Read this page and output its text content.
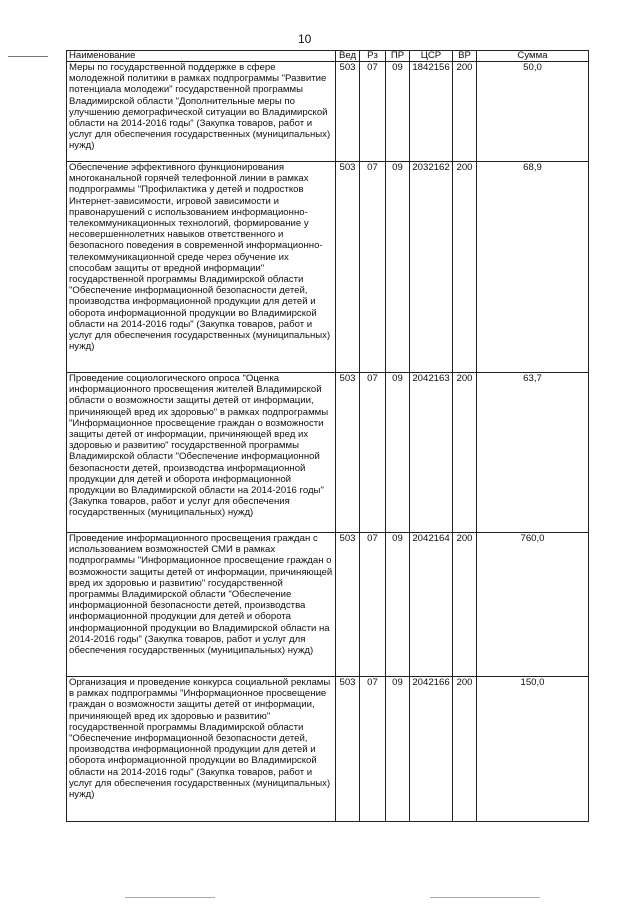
10
Наименование	Вед	Рз	ПР	ЦСР	ВР	Сумма
Меры по государственной поддержке в сфере молодежной политики в рамках подпрограммы "Развитие потенциала молодежи" государственной программы Владимирской области "Дополнительные меры по улучшению демографической ситуации во Владимирской области на 2014-2016 годы" (Закупка товаров, работ и услуг для обеспечения государственных (муниципальных) нужд)	503	07	09	1842156	200	50,0
Обеспечение эффективного функционирования многоканальной горячей телефонной линии в рамках подпрограммы "Профилактика у детей и подростков Интернет-зависимости, игровой зависимости и правонарушений с использованием информационно-телекоммуникационных технологий, формирование у несовершеннолетних навыков ответственного и безопасного поведения в современной информационно-телекоммуникационной среде через обучение их способам защиты от вредной информации" государственной программы Владимирской области "Обеспечение информационной безопасности детей, производства информационной продукции для детей и оборота информационной продукции во Владимирской области на 2014-2016 годы" (Закупка товаров, работ и услуг для обеспечения государственных (муниципальных) нужд)	503	07	09	2032162	200	68,9
Проведение социологического опроса "Оценка информационного просвещения жителей Владимирской области о возможности защиты детей от информации, причиняющей вред их здоровью" в рамках подпрограммы "Информационное просвещение граждан о возможности защиты детей от информации, причиняющей вред их здоровью и развитию" государственной программы Владимирской области "Обеспечение информационной безопасности детей, производства информационной продукции для детей и оборота информационной продукции во Владимирской области на 2014-2016 годы" (Закупка товаров, работ и услуг для обеспечения государственных (муниципальных) нужд)	503	07	09	2042163	200	63,7
Проведение информационного просвещения граждан с использованием возможностей СМИ в рамках подпрограммы "Информационное просвещение граждан о возможности защиты детей от информации, причиняющей вред их здоровью и развитию" государственной программы Владимирской области "Обеспечение информационной безопасности детей, производства информационной продукции для детей и оборота информационной продукции во Владимирской области на 2014-2016 годы" (Закупка товаров, работ и услуг для обеспечения государственных (муниципальных) нужд)	503	07	09	2042164	200	760,0
Организация и проведение конкурса социальной рекламы в рамках подпрограммы "Информационное просвещение граждан о возможности защиты детей от информации, причиняющей вред их здоровью и развитию" государственной программы Владимирской области "Обеспечение информационной безопасности детей, производства информационной продукции для детей и оборота информационной продукции во Владимирской области на 2014-2016 годы" (Закупка товаров, работ и услуг для обеспечения государственных (муниципальных) нужд)	503	07	09	2042166	200	150,0
